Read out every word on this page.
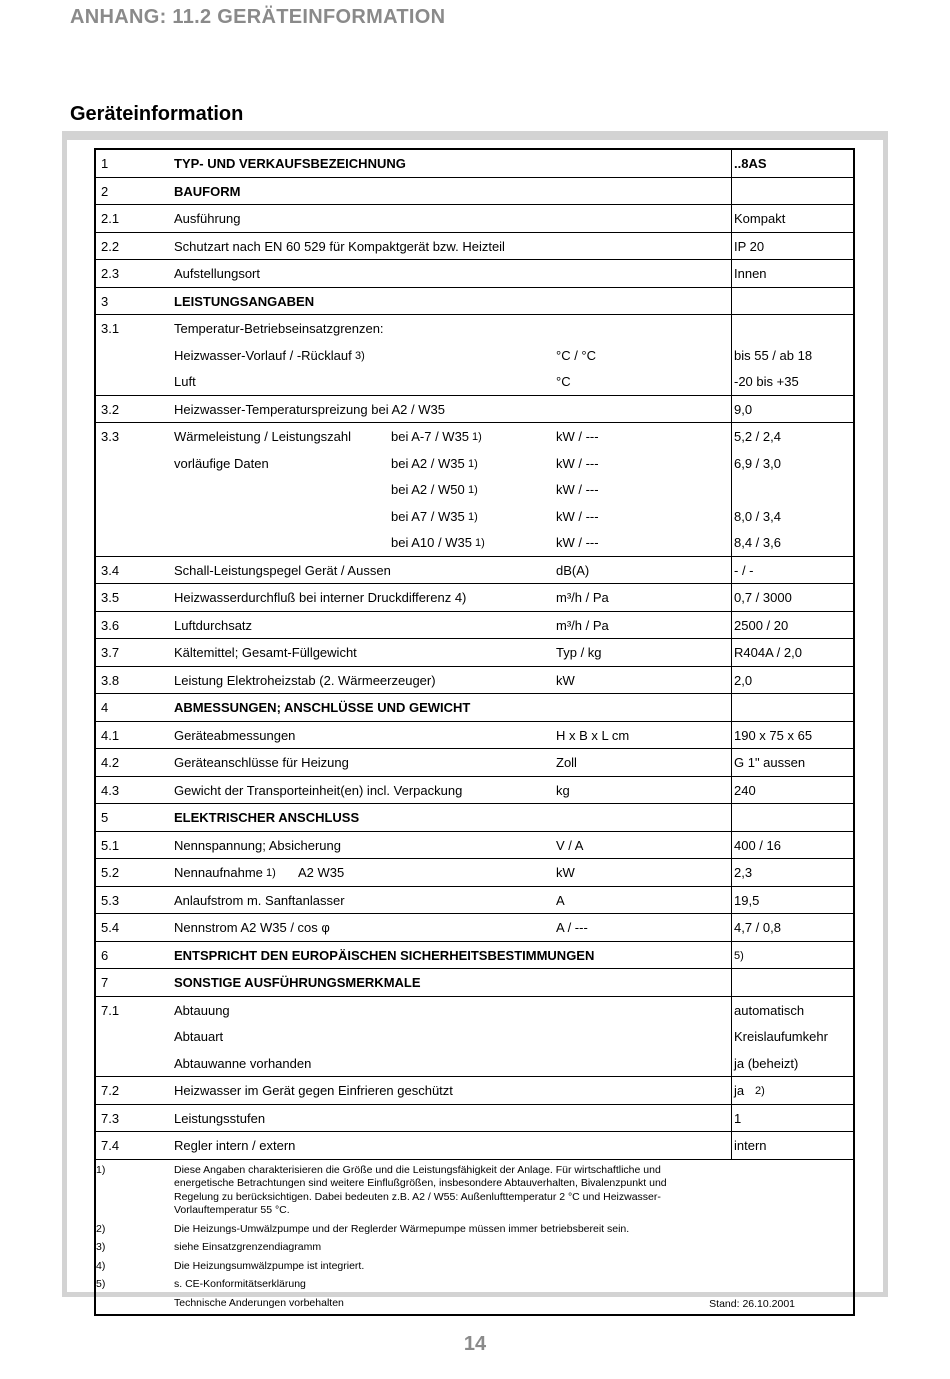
ANHANG: 11.2 GERÄTEINFORMATION
Geräteinformation
1	TYP- UND VERKAUFSBEZEICHNUNG	..8AS
2	BAUFORM
2.1	Ausführung	Kompakt
2.2	Schutzart nach EN 60 529 für Kompaktgerät bzw. Heizteil	IP 20
2.3	Aufstellungsort	Innen
3	LEISTUNGSANGABEN
3.1	Temperatur-Betriebseinsatzgrenzen:
Heizwasser-Vorlauf / -Rücklauf 3)	°C / °C	bis 55 / ab 18
Luft	°C	-20 bis +35
3.2	Heizwasser-Temperaturspreizung bei A2 / W35	9,0
3.3	Wärmeleistung / Leistungszahl	bei A-7 / W35 1)	kW / ---	5,2 / 2,4
vorläufige Daten	bei A2 / W35 1)	kW / ---	6,9 / 3,0
bei A2 / W50 1)	kW / ---
bei A7 / W35 1)	kW / ---	8,0 / 3,4
bei A10 / W35 1)	kW / ---	8,4 / 3,6
3.4	Schall-Leistungspegel Gerät / Aussen	dB(A)	- / -
3.5	Heizwasserdurchfluß bei interner Druckdifferenz 4)	m³/h / Pa	0,7 / 3000
3.6	Luftdurchsatz	m³/h / Pa	2500 / 20
3.7	Kältemittel; Gesamt-Füllgewicht	Typ / kg	R404A / 2,0
3.8	Leistung Elektroheizstab (2. Wärmeerzeuger)	kW	2,0
4	ABMESSUNGEN; ANSCHLÜSSE UND GEWICHT
4.1	Geräteabmessungen	H x B x L cm	190 x 75 x 65
4.2	Geräteanschlüsse für Heizung	Zoll	G 1" aussen
4.3	Gewicht der Transporteinheit(en) incl. Verpackung	kg	240
5	ELEKTRISCHER ANSCHLUSS
5.1	Nennspannung; Absicherung	V / A	400 / 16
5.2	Nennaufnahme 1) A2 W35	kW	2,3
5.3	Anlaufstrom m. Sanftanlasser	A	19,5
5.4	Nennstrom A2 W35 / cos φ	A / ---	4,7 / 0,8
6	ENTSPRICHT DEN EUROPÄISCHEN SICHERHEITSBESTIMMUNGEN	5)
7	SONSTIGE AUSFÜHRUNGSMERKMALE
7.1	Abtauung	automatisch
Abtauart	Kreislaufumkehr
Abtauwanne vorhanden	ja (beheizt)
7.2	Heizwasser im Gerät gegen Einfrieren geschützt	ja 2)
7.3	Leistungsstufen	1
7.4	Regler intern / extern	intern
1)	Diese Angaben charakterisieren die Größe und die Leistungsfähigkeit der Anlage. Für wirtschaftliche und energetische Betrachtungen sind weitere Einflußgrößen, insbesondere Abtauverhalten, Bivalenzpunkt und Regelung zu berücksichtigen. Dabei bedeuten z.B. A2 / W55: Außenlufttemperatur 2 °C und Heizwasser-Vorlauftemperatur 55 °C.
2)	Die Heizungs-Umwälzpumpe und der Reglerder Wärmepumpe müssen immer betriebsbereit sein.
3)	siehe Einsatzgrenzendiagramm
4)	Die Heizungsumwälzpumpe ist integriert.
5)	s. CE-Konformitätserklärung
Technische Anderungen vorbehalten	Stand: 26.10.2001
14
